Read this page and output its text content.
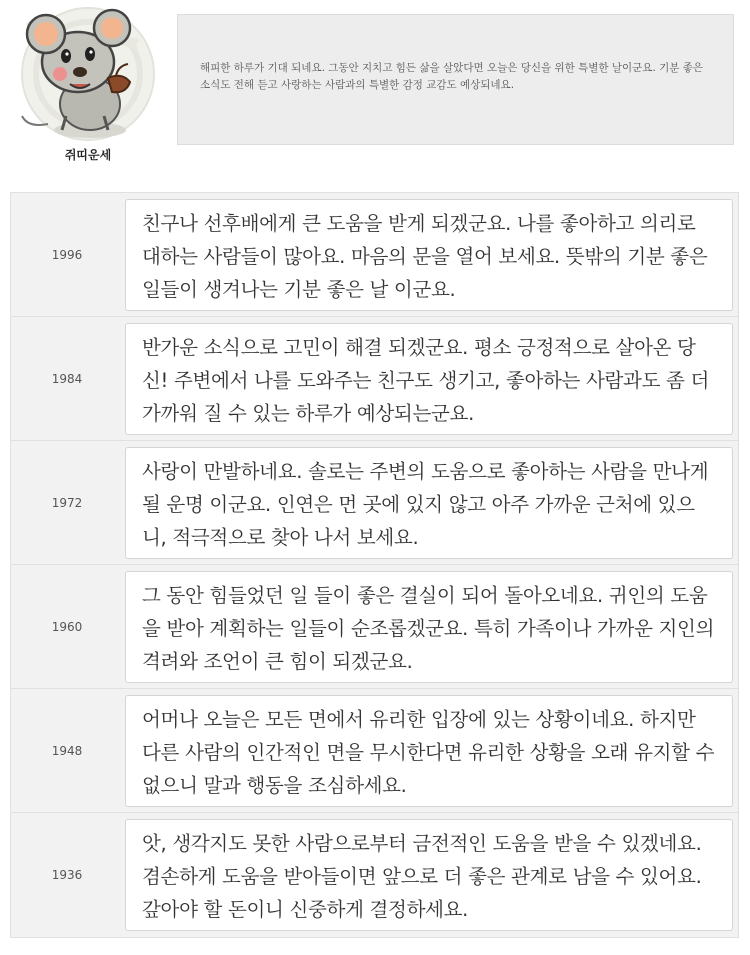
쥐띠운세

해피한 하루가 기대 되네요. 그동안 지치고 힘든 삶을 살았다면 오늘은 당신을 위한 특별한 날이군요. 기분 좋은 소식도 전해 듣고 사랑하는 사람과의 특별한 감정 교감도 예상되네요.

1996

친구나 선후배에게 큰 도움을 받게 되겠군요. 나를 좋아하고 의리로 대하는 사람들이 많아요. 마음의 문을 열어 보세요. 뜻밖의 기분 좋은 일들이 생겨나는 기분 좋은 날 이군요.

1984

반가운 소식으로 고민이 해결 되겠군요. 평소 긍정적으로 살아온 당신! 주변에서 나를 도와주는 친구도 생기고, 좋아하는 사람과도 좀 더 가까워 질 수 있는 하루가 예상되는군요.

1972

사랑이 만발하네요. 솔로는 주변의 도움으로 좋아하는 사람을 만나게 될 운명 이군요. 인연은 먼 곳에 있지 않고 아주 가까운 근처에 있으니, 적극적으로 찾아 나서 보세요.

1960

그 동안 힘들었던 일 들이 좋은 결실이 되어 돌아오네요. 귀인의 도움을 받아 계획하는 일들이 순조롭겠군요. 특히 가족이나 가까운 지인의 격려와 조언이 큰 힘이 되겠군요.

1948

어머나 오늘은 모든 면에서 유리한 입장에 있는 상황이네요. 하지만 다른 사람의 인간적인 면을 무시한다면 유리한 상황을 오래 유지할 수 없으니 말과 행동을 조심하세요.

1936

앗, 생각지도 못한 사람으로부터 금전적인 도움을 받을 수 있겠네요. 겸손하게 도움을 받아들이면 앞으로 더 좋은 관계로 남을 수 있어요. 갚아야 할 돈이니 신중하게 결정하세요.
